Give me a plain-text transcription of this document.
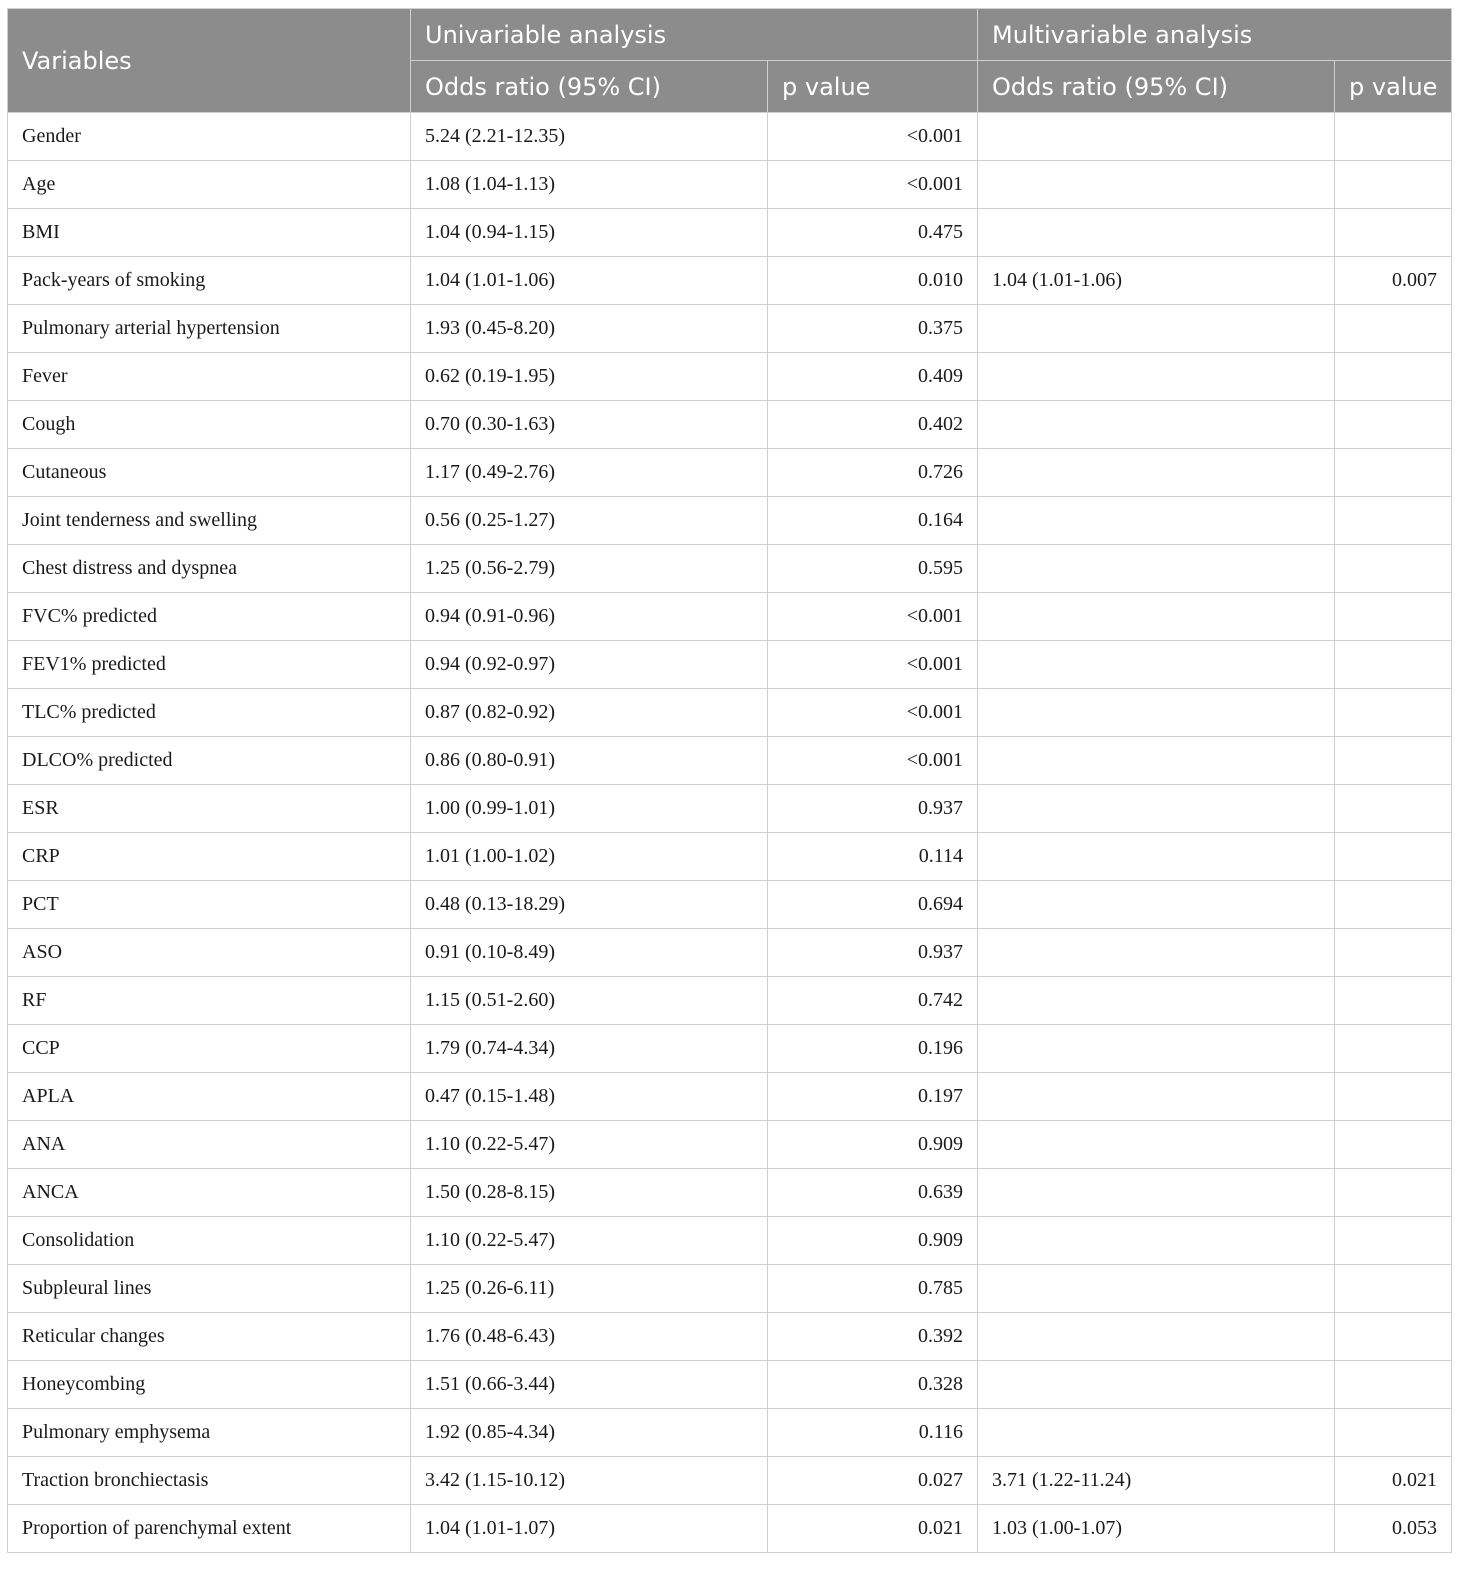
Variables	Univariable analysis		Multivariable analysis	
	Odds ratio (95% CI)	p value	Odds ratio (95% CI)	p value
Gender	5.24 (2.21-12.35)	<0.001		
Age	1.08 (1.04-1.13)	<0.001		
BMI	1.04 (0.94-1.15)	0.475		
Pack-years of smoking	1.04 (1.01-1.06)	0.010	1.04 (1.01-1.06)	0.007
Pulmonary arterial hypertension	1.93 (0.45-8.20)	0.375		
Fever	0.62 (0.19-1.95)	0.409		
Cough	0.70 (0.30-1.63)	0.402		
Cutaneous	1.17 (0.49-2.76)	0.726		
Joint tenderness and swelling	0.56 (0.25-1.27)	0.164		
Chest distress and dyspnea	1.25 (0.56-2.79)	0.595		
FVC% predicted	0.94 (0.91-0.96)	<0.001		
FEV1% predicted	0.94 (0.92-0.97)	<0.001		
TLC% predicted	0.87 (0.82-0.92)	<0.001		
DLCO% predicted	0.86 (0.80-0.91)	<0.001		
ESR	1.00 (0.99-1.01)	0.937		
CRP	1.01 (1.00-1.02)	0.114		
PCT	0.48 (0.13-18.29)	0.694		
ASO	0.91 (0.10-8.49)	0.937		
RF	1.15 (0.51-2.60)	0.742		
CCP	1.79 (0.74-4.34)	0.196		
APLA	0.47 (0.15-1.48)	0.197		
ANA	1.10 (0.22-5.47)	0.909		
ANCA	1.50 (0.28-8.15)	0.639		
Consolidation	1.10 (0.22-5.47)	0.909		
Subpleural lines	1.25 (0.26-6.11)	0.785		
Reticular changes	1.76 (0.48-6.43)	0.392		
Honeycombing	1.51 (0.66-3.44)	0.328		
Pulmonary emphysema	1.92 (0.85-4.34)	0.116		
Traction bronchiectasis	3.42 (1.15-10.12)	0.027	3.71 (1.22-11.24)	0.021
Proportion of parenchymal extent	1.04 (1.01-1.07)	0.021	1.03 (1.00-1.07)	0.053
